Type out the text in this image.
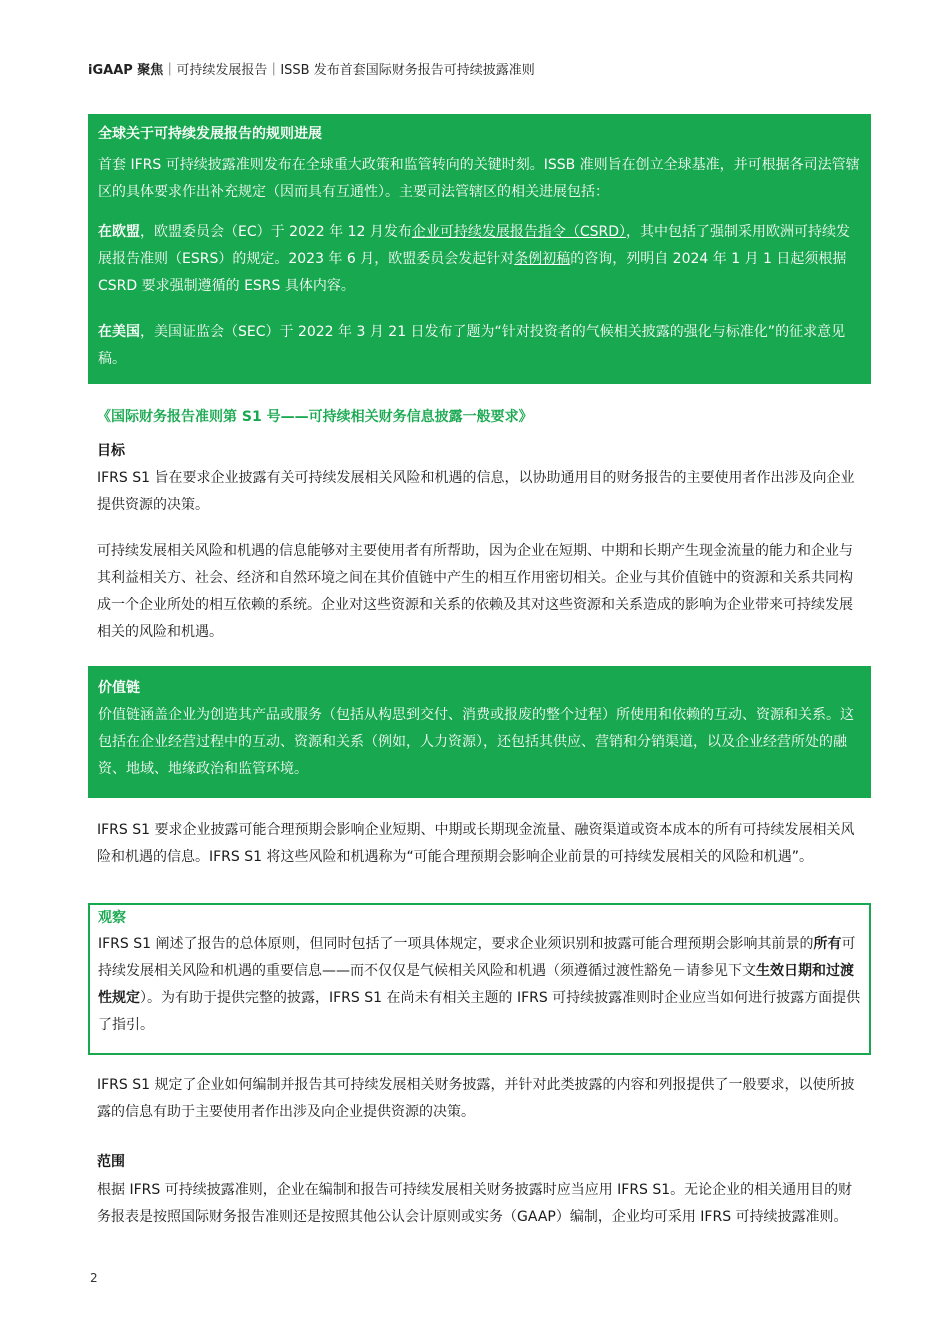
iGAAP 聚焦｜可持续发展报告｜ISSB 发布首套国际财务报告可持续披露准则
全球关于可持续发展报告的规则进展

首套 IFRS 可持续披露准则发布在全球重大政策和监管转向的关键时刻。ISSB 准则旨在创立全球基准，并可根据各司法管辖区的具体要求作出补充规定（因而具有互通性）。主要司法管辖区的相关进展包括：

在欧盟，欧盟委员会（EC）于 2022 年 12 月发布企业可持续发展报告指令（CSRD），其中包括了强制采用欧洲可持续发展报告准则（ESRS）的规定。2023 年 6 月，欧盟委员会发起针对条例初稿的咨询，列明自 2024 年 1 月 1 日起须根据 CSRD 要求强制遵循的 ESRS 具体内容。

在美国，美国证监会（SEC）于 2022 年 3 月 21 日发布了题为“针对投资者的气候相关披露的强化与标准化”的征求意见稿。

《国际财务报告准则第 S1 号——可持续相关财务信息披露一般要求》
目标

IFRS S1 旨在要求企业披露有关可持续发展相关风险和机遇的信息，以协助通用目的财务报告的主要使用者作出涉及向企业提供资源的决策。

可持续发展相关风险和机遇的信息能够对主要使用者有所帮助，因为企业在短期、中期和长期产生现金流量的能力和企业与其利益相关方、社会、经济和自然环境之间在其价值链中产生的相互作用密切相关。企业与其价值链中的资源和关系共同构成一个企业所处的相互依赖的系统。企业对这些资源和关系的依赖及其对这些资源和关系造成的影响为企业带来可持续发展相关的风险和机遇。

价值链

价值链涵盖企业为创造其产品或服务（包括从构思到交付、消费或报废的整个过程）所使用和依赖的互动、资源和关系。这包括在企业经营过程中的互动、资源和关系（例如，人力资源），还包括其供应、营销和分销渠道，以及企业经营所处的融资、地域、地缘政治和监管环境。

IFRS S1 要求企业披露可能合理预期会影响企业短期、中期或长期现金流量、融资渠道或资本成本的所有可持续发展相关风险和机遇的信息。IFRS S1 将这些风险和机遇称为“可能合理预期会影响企业前景的可持续发展相关的风险和机遇”。

观察

IFRS S1 阐述了报告的总体原则，但同时包括了一项具体规定，要求企业须识别和披露可能合理预期会影响其前景的所有可持续发展相关风险和机遇的重要信息——而不仅仅是气候相关风险和机遇（须遵循过渡性豁免－请参见下文生效日期和过渡性规定）。为有助于提供完整的披露，IFRS S1 在尚未有相关主题的 IFRS 可持续披露准则时企业应当如何进行披露方面提供了指引。

IFRS S1 规定了企业如何编制并报告其可持续发展相关财务披露，并针对此类披露的内容和列报提供了一般要求，以使所披露的信息有助于主要使用者作出涉及向企业提供资源的决策。

范围

根据 IFRS 可持续披露准则，企业在编制和报告可持续发展相关财务披露时应当应用 IFRS S1。无论企业的相关通用目的财务报表是按照国际财务报告准则还是按照其他公认会计原则或实务（GAAP）编制，企业均可采用 IFRS 可持续披露准则。

2
